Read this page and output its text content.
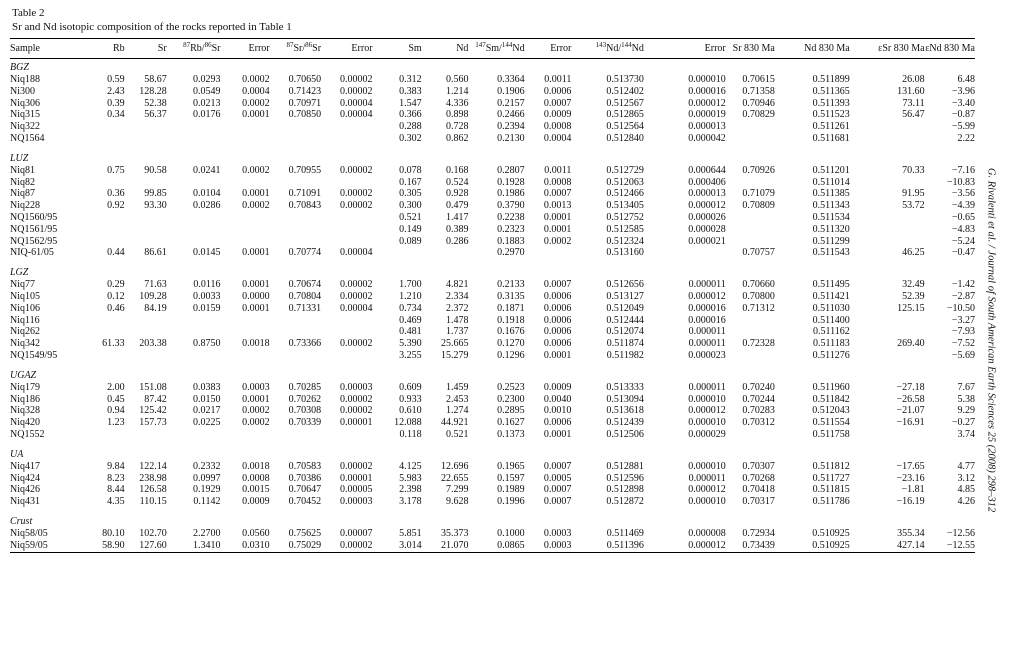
Table 2
Sr and Nd isotopic composition of the rocks reported in Table 1
Sample	Rb	Sr	$^{87}$Rb/$^{86}$Sr	Error	$^{87}$Sr/$^{86}$Sr	Error	Sm	Nd	$^{147}$Sm/$^{144}$Nd	Error	$^{143}$Nd/$^{144}$Nd	Error	Sr 830 Ma	Nd 830 Ma	εSr 830 Ma	εNd 830 Ma
BGZ																
Niq188	0.59	58.67	0.0293	0.0002	0.70650	0.00002	0.312	0.560	0.3364	0.0011	0.513730	0.000010	0.70615	0.511899	26.08	6.48
Ni300	2.43	128.28	0.0549	0.0004	0.71423	0.00002	0.383	1.214	0.1906	0.0006	0.512402	0.000016	0.71358	0.511365	131.60	−3.96
Niq306	0.39	52.38	0.0213	0.0002	0.70971	0.00004	1.547	4.336	0.2157	0.0007	0.512567	0.000012	0.70946	0.511393	73.11	−3.40
Niq315	0.34	56.37	0.0176	0.0001	0.70850	0.00004	0.366	0.898	0.2466	0.0009	0.512865	0.000019	0.70829	0.511523	56.47	−0.87
Niq322							0.288	0.728	0.2394	0.0008	0.512564	0.000013		0.511261		−5.99
NQ1564							0.302	0.862	0.2130	0.0004	0.512840	0.000042		0.511681		2.22

LUZ																
Niq81	0.75	90.58	0.0241	0.0002	0.70955	0.00002	0.078	0.168	0.2807	0.0011	0.512729	0.000644	0.70926	0.511201	70.33	−7.16
Niq82							0.167	0.524	0.1928	0.0008	0.512063	0.000406		0.511014		−10.83
Niq87	0.36	99.85	0.0104	0.0001	0.71091	0.00002	0.305	0.928	0.1986	0.0007	0.512466	0.000013	0.71079	0.511385	91.95	−3.56
Niq228	0.92	93.30	0.0286	0.0002	0.70843	0.00002	0.300	0.479	0.3790	0.0013	0.513405	0.000012	0.70809	0.511343	53.72	−4.39
NQ1560/95							0.521	1.417	0.2238	0.0001	0.512752	0.000026		0.511534		−0.65
NQ1561/95							0.149	0.389	0.2323	0.0001	0.512585	0.000028		0.511320		−4.83
NQ1562/95							0.089	0.286	0.1883	0.0002	0.512324	0.000021		0.511299		−5.24
NIQ-61/05	0.44	86.61	0.0145	0.0001	0.70774	0.00004			0.2970		0.513160		0.70757	0.511543	46.25	−0.47

LGZ																
Niq77	0.29	71.63	0.0116	0.0001	0.70674	0.00002	1.700	4.821	0.2133	0.0007	0.512656	0.000011	0.70660	0.511495	32.49	−1.42
Niq105	0.12	109.28	0.0033	0.0000	0.70804	0.00002	1.210	2.334	0.3135	0.0006	0.513127	0.000012	0.70800	0.511421	52.39	−2.87
Niq106	0.46	84.19	0.0159	0.0001	0.71331	0.00004	0.734	2.372	0.1871	0.0006	0.512049	0.000016	0.71312	0.511030	125.15	−10.50
Niq116							0.469	1.478	0.1918	0.0006	0.512444	0.000016		0.511400		−3.27
Niq262							0.481	1.737	0.1676	0.0006	0.512074	0.000011		0.511162		−7.93
Niq342	61.33	203.38	0.8750	0.0018	0.73366	0.00002	5.390	25.665	0.1270	0.0006	0.511874	0.000011	0.72328	0.511183	269.40	−7.52
NQ1549/95							3.255	15.279	0.1296	0.0001	0.511982	0.000023		0.511276		−5.69

UGAZ																
Niq179	2.00	151.08	0.0383	0.0003	0.70285	0.00003	0.609	1.459	0.2523	0.0009	0.513333	0.000011	0.70240	0.511960	−27.18	7.67
Niq186	0.45	87.42	0.0150	0.0001	0.70262	0.00002	0.933	2.453	0.2300	0.0040	0.513094	0.000010	0.70244	0.511842	−26.58	5.38
Niq328	0.94	125.42	0.0217	0.0002	0.70308	0.00002	0.610	1.274	0.2895	0.0010	0.513618	0.000012	0.70283	0.512043	−21.07	9.29
Niq420	1.23	157.73	0.0225	0.0002	0.70339	0.00001	12.088	44.921	0.1627	0.0006	0.512439	0.000010	0.70312	0.511554	−16.91	−0.27
NQ1552							0.118	0.521	0.1373	0.0001	0.512506	0.000029		0.511758		3.74

UA																
Niq417	9.84	122.14	0.2332	0.0018	0.70583	0.00002	4.125	12.696	0.1965	0.0007	0.512881	0.000010	0.70307	0.511812	−17.65	4.77
Niq424	8.23	238.98	0.0997	0.0008	0.70386	0.00001	5.983	22.655	0.1597	0.0005	0.512596	0.000011	0.70268	0.511727	−23.16	3.12
Niq426	8.44	126.58	0.1929	0.0015	0.70647	0.00005	2.398	7.299	0.1989	0.0007	0.512898	0.000012	0.70418	0.511815	−1.81	4.85
Niq431	4.35	110.15	0.1142	0.0009	0.70452	0.00003	3.178	9.628	0.1996	0.0007	0.512872	0.000010	0.70317	0.511786	−16.19	4.26

Crust																
Niq58/05	80.10	102.70	2.2700	0.0560	0.75625	0.00007	5.851	35.373	0.1000	0.0003	0.511469	0.000008	0.72934	0.510925	355.34	−12.56
Niq59/05	58.90	127.60	1.3410	0.0310	0.75029	0.00002	3.014	21.070	0.0865	0.0003	0.511396	0.000012	0.73439	0.510925	427.14	−12.55
G. Rivalenti et al. / Journal of South American Earth Sciences 25 (2008) 298–312
